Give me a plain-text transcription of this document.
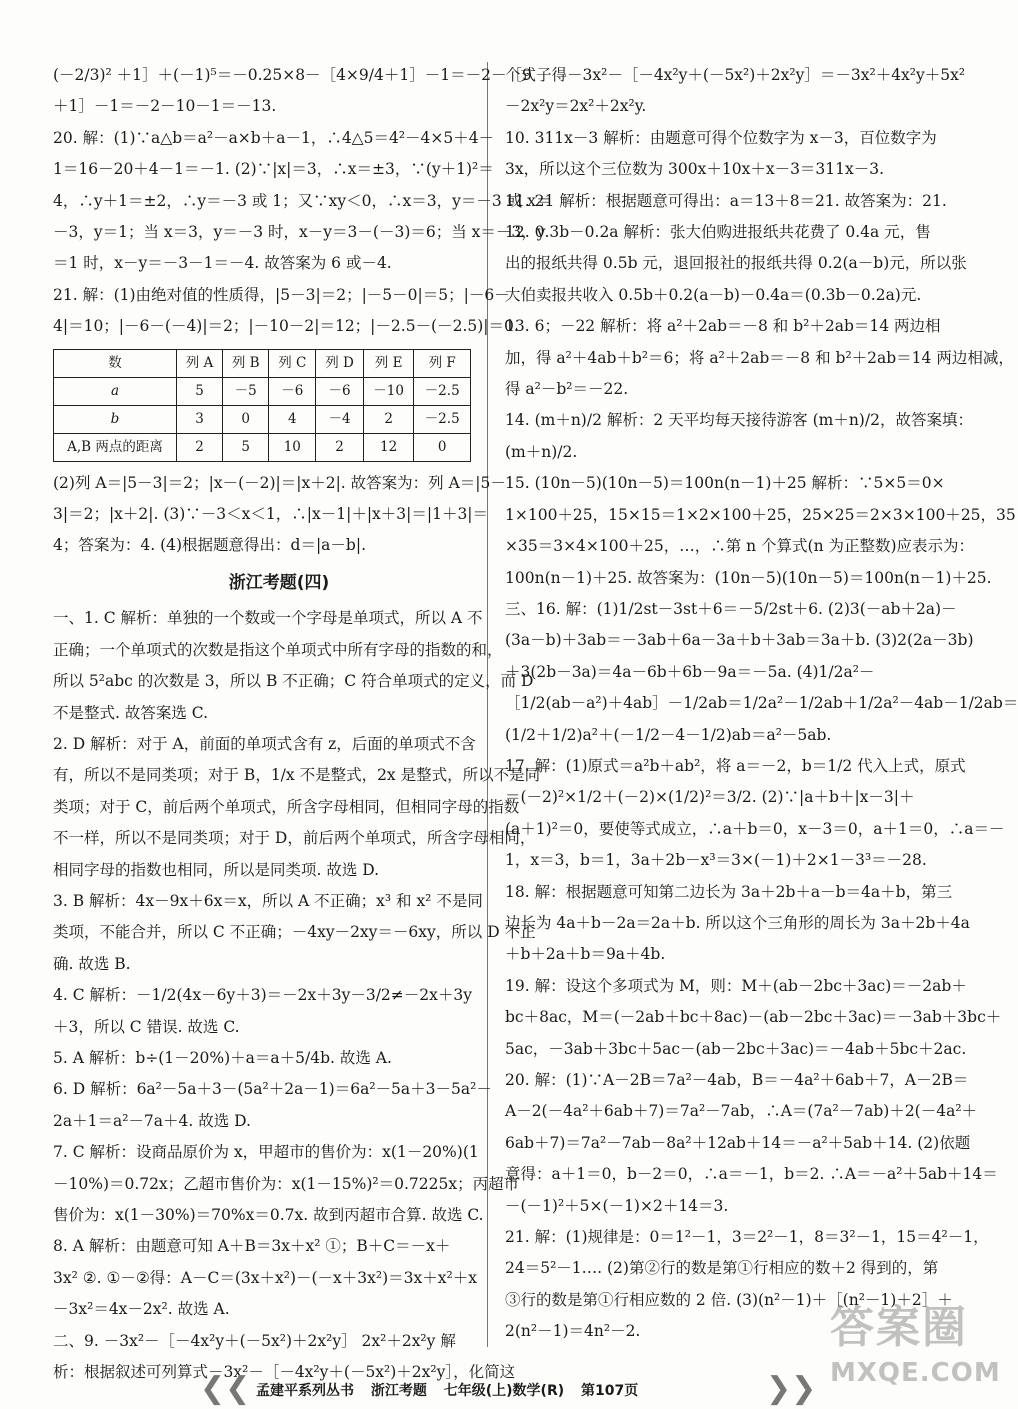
(－2/3)² ＋1］＋(－1)⁵＝－0.25×8－［4×9/4＋1］－1＝－2－［9
＋1］－1＝－2－10－1＝－13.
20. 解：(1)∵a△b＝a²－a×b＋a－1，∴4△5＝4²－4×5＋4－
1＝16－20＋4－1＝－1. (2)∵|x|＝3，∴x＝±3，∵(y＋1)²＝
4，∴y＋1＝±2，∴y＝－3 或 1；又∵xy＜0，∴x＝3，y＝－3 或 x＝
－3，y＝1；当 x＝3，y＝－3 时，x－y＝3－(－3)＝6；当 x＝－3，y
＝1 时，x－y＝－3－1＝－4. 故答案为 6 或－4.
21. 解：(1)由绝对值的性质得，|5－3|＝2；|－5－0|＝5；|－6－
4|＝10；|－6－(－4)|＝2；|－10－2|＝12；|－2.5－(－2.5)|＝0.
数	列 A	列 B	列 C	列 D	列 E	列 F
a	5	－5	－6	－6	－10	－2.5
b	3	0	4	－4	2	－2.5
A,B 两点的距离	2	5	10	2	12	0
(2)列 A＝|5－3|＝2；|x－(－2)|＝|x＋2|. 故答案为：列 A＝|5－
3|＝2；|x＋2|. (3)∵－3＜x＜1，∴|x－1|＋|x＋3|＝|1＋3|＝
4；答案为：4. (4)根据题意得出：d＝|a－b|.
浙江考题(四)
一、1. C 解析：单独的一个数或一个字母是单项式，所以 A 不
正确；一个单项式的次数是指这个单项式中所有字母的指数的和，
所以 5²abc 的次数是 3，所以 B 不正确；C 符合单项式的定义，而 D
不是整式. 故答案选 C.
2. D 解析：对于 A，前面的单项式含有 z，后面的单项式不含
有，所以不是同类项；对于 B，1/x 不是整式，2x 是整式，所以不是同
类项；对于 C，前后两个单项式，所含字母相同，但相同字母的指数
不一样，所以不是同类项；对于 D，前后两个单项式，所含字母相同，
相同字母的指数也相同，所以是同类项. 故选 D.
3. B 解析：4x－9x＋6x＝x，所以 A 不正确；x³ 和 x² 不是同
类项，不能合并，所以 C 不正确；－4xy－2xy＝－6xy，所以 D 不正
确. 故选 B.
4. C 解析：－1/2(4x－6y＋3)＝－2x＋3y－3/2≠－2x＋3y
＋3，所以 C 错误. 故选 C.
5. A 解析：b÷(1－20%)＋a＝a＋5/4b. 故选 A.
6. D 解析：6a²－5a＋3－(5a²＋2a－1)＝6a²－5a＋3－5a²－
2a＋1＝a²－7a＋4. 故选 D.
7. C 解析：设商品原价为 x，甲超市的售价为：x(1－20%)(1
－10%)＝0.72x；乙超市售价为：x(1－15%)²＝0.7225x；丙超市
售价为：x(1－30%)＝70%x＝0.7x. 故到丙超市合算. 故选 C.
8. A 解析：由题意可知 A＋B＝3x＋x² ①；B＋C＝－x＋
3x² ②. ①－②得：A－C＝(3x＋x²)－(－x＋3x²)＝3x＋x²＋x
－3x²＝4x－2x². 故选 A.
二、9. －3x²－［－4x²y＋(－5x²)＋2x²y］ 2x²＋2x²y 解
析：根据叙述可列算式－3x²－［－4x²y＋(－5x²)＋2x²y］，化简这
个式子得－3x²－［－4x²y＋(－5x²)＋2x²y］＝－3x²＋4x²y＋5x²
－2x²y＝2x²＋2x²y.
10. 311x－3 解析：由题意可得个位数字为 x－3，百位数字为
3x，所以这个三位数为 300x＋10x＋x－3＝311x－3.
11. 21 解析：根据题意可得出：a＝13＋8＝21. 故答案为：21.
12. 0.3b－0.2a 解析：张大伯购进报纸共花费了 0.4a 元，售
出的报纸共得 0.5b 元，退回报社的报纸共得 0.2(a－b)元，所以张
大伯卖报共收入 0.5b＋0.2(a－b)－0.4a＝(0.3b－0.2a)元.
13. 6；－22 解析：将 a²＋2ab＝－8 和 b²＋2ab＝14 两边相
加，得 a²＋4ab＋b²＝6；将 a²＋2ab＝－8 和 b²＋2ab＝14 两边相减，
得 a²－b²＝－22.
14. (m＋n)/2 解析：2 天平均每天接待游客 (m＋n)/2，故答案填：
(m＋n)/2.
15. (10n－5)(10n－5)＝100n(n－1)＋25 解析：∵5×5＝0×
1×100＋25，15×15＝1×2×100＋25，25×25＝2×3×100＋25，35
×35＝3×4×100＋25，…，∴第 n 个算式(n 为正整数)应表示为：
100n(n－1)＋25. 故答案为：(10n－5)(10n－5)＝100n(n－1)＋25.
三、16. 解：(1)1/2st－3st＋6＝－5/2st＋6. (2)3(－ab＋2a)－
(3a－b)＋3ab＝－3ab＋6a－3a＋b＋3ab＝3a＋b. (3)2(2a－3b)
＋3(2b－3a)＝4a－6b＋6b－9a＝－5a. (4)1/2a²－
［1/2(ab－a²)＋4ab］－1/2ab＝1/2a²－1/2ab＋1/2a²－4ab－1/2ab＝
(1/2＋1/2)a²＋(－1/2－4－1/2)ab＝a²－5ab.
17. 解：(1)原式＝a²b＋ab²，将 a＝－2，b＝1/2 代入上式，原式
＝(－2)²×1/2＋(－2)×(1/2)²＝3/2. (2)∵|a＋b＋|x－3|＋
(a＋1)²＝0，要使等式成立，∴a＋b＝0，x－3＝0，a＋1＝0，∴a＝－
1，x＝3，b＝1，3a＋2b－x³＝3×(－1)＋2×1－3³＝－28.
18. 解：根据题意可知第二边长为 3a＋2b＋a－b＝4a＋b，第三
边长为 4a＋b－2a＝2a＋b. 所以这个三角形的周长为 3a＋2b＋4a
＋b＋2a＋b＝9a＋4b.
19. 解：设这个多项式为 M，则：M＋(ab－2bc＋3ac)＝－2ab＋
bc＋8ac，M＝(－2ab＋bc＋8ac)－(ab－2bc＋3ac)＝－3ab＋3bc＋
5ac，－3ab＋3bc＋5ac－(ab－2bc＋3ac)＝－4ab＋5bc＋2ac.
20. 解：(1)∵A－2B＝7a²－4ab，B＝－4a²＋6ab＋7，A－2B＝
A－2(－4a²＋6ab＋7)＝7a²－7ab，∴A＝(7a²－7ab)＋2(－4a²＋
6ab＋7)＝7a²－7ab－8a²＋12ab＋14＝－a²＋5ab＋14. (2)依题
意得：a＋1＝0，b－2＝0，∴a＝－1，b＝2. ∴A＝－a²＋5ab＋14＝
－(－1)²＋5×(－1)×2＋14＝3.
21. 解：(1)规律是：0＝1²－1，3＝2²－1，8＝3²－1，15＝4²－1，
24＝5²－1…. (2)第②行的数是第①行相应的数＋2 得到的，第
③行的数是第①行相应数的 2 倍. (3)(n²－1)＋［(n²－1)＋2］＋
2(n²－1)＝4n²－2.
❮❮ 孟建平系列丛书 浙江考题 七年级(上)数学(R) 第107页	❯❯
答案圈
MXQE.COM
